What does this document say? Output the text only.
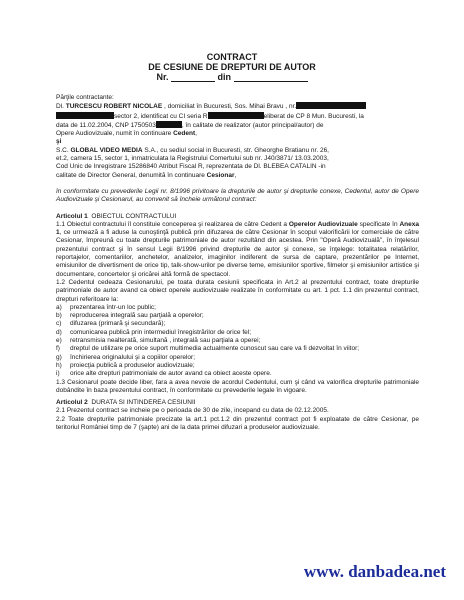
CONTRACT
DE CESIUNE DE DREPTURI DE AUTOR
Nr.	din

Părţile contractante:

Dl. TURCESCU ROBERT NICOLAE , domiciliat în Bucuresti, Sos. Mihai Bravu , nr.
sector 2, identificat cu CI seria R	eliberat de CP 8 Mun. Bucuresti, la
data de 11.02.2004, CNP 1750503	, în calitate de realizator (autor principal/autor) de
Opere Audiovizuale, numit în continuare Cedent,

şi

S.C. GLOBAL VIDEO MEDIA S.A., cu sediul social in Bucuresti, str. Gheorghe Bratianu nr. 26,
et.2, camera 15, sector 1, inmatriculata la Registrului Comertului sub nr. J40/3871/ 13.03.2003,
Cod Unic de Inregistrare 15286840 Atribut Fiscal R, reprezentata de Dl. BLEBEA CATALIN -in
calitate de Director General, denumită în continuare Cesionar,

în conformitate cu prevederile Legii nr. 8/1996 privitoare la drepturile de autor şi drepturile conexe, Cedentul, autor de Opere Audiovizuale şi Cesionarul, au convenit să încheie următorul contract:

Articolul 1 OBIECTUL CONTRACTULUI

1.1 Obiectul contractului îl constituie conceperea şi realizarea de către Cedent a Operelor Audiovizuale specificate în Anexa 1, ce urmează a fi aduse la cunoştinţă publică prin difuzarea de către Cesionar în scopul valorificării lor comerciale de către Cesionar, împreună cu toate drepturile patrimoniale de autor rezultând din acestea. Prin "Operă Audiovizuală", în înţelesul prezentului contract şi în sensul Legii 8/1996 privind drepturile de autor şi conexe, se înţelege: totalitatea relatărilor, reportajelor, comentariilor, anchetelor, analizelor, imaginilor indiferent de sursa de captare, prezentărilor pe Internet, emisiunilor de divertisment de orice tip, talk-show-urilor pe diverse teme, emisiunilor sportive, filmelor şi emisiunilor artistice şi documentare, concertelor şi oricărei altă formă de spectacol.

1.2 Cedentul cedeaza Cesionarului, pe toata durata cesiunii specificata in Art.2 al prezentului contract, toate drepturile patrimoniale de autor avand ca obiect operele audiovizuale realizate în conformitate cu art. 1 pct. 1.1 din prezentul contract, drepturi referitoare la:

a) prezentarea într-un loc public;
b) reproducerea integrală sau parţială a operelor;
c) difuzarea (primară şi secundară);
d) comunicarea publică prin intermediul înregistrărilor de orice fel;
e) retransmisia nealterată, simultană , integrală sau parţiala a operei;
f) dreptul de utilizare pe orice suport multimedia actualmente cunoscut sau care va fi dezvoltat în viitor;
g) închirierea originalului şi a copiilor operelor;
h) proiecţia publică a produselor audiovizuale;
i) orice alte drepturi patrimoniale de autor avand ca obiect aceste opere.

1.3 Cesionarul poate decide liber, fara a avea nevoie de acordul Cedentului, cum şi când va valorifica drepturile patrimoniale dobândite în baza prezentului contract, în conformitate cu prevederile legale în vigoare.

Articolul 2 DURATA SI INTINDEREA CESIUNII

2.1 Prezentul contract se incheie pe o perioada de 30 de zile, incepand cu data de 02.12.2005.

2.2 Toate drepturile patrimoniale precizate la art.1 pct.1.2 din prezentul contract pot fi exploatate de către Cesionar, pe teritoriul României timp de 7 (şapte) ani de la data primei difuzari a produselor audiovizuale.

www. danbadea.net
